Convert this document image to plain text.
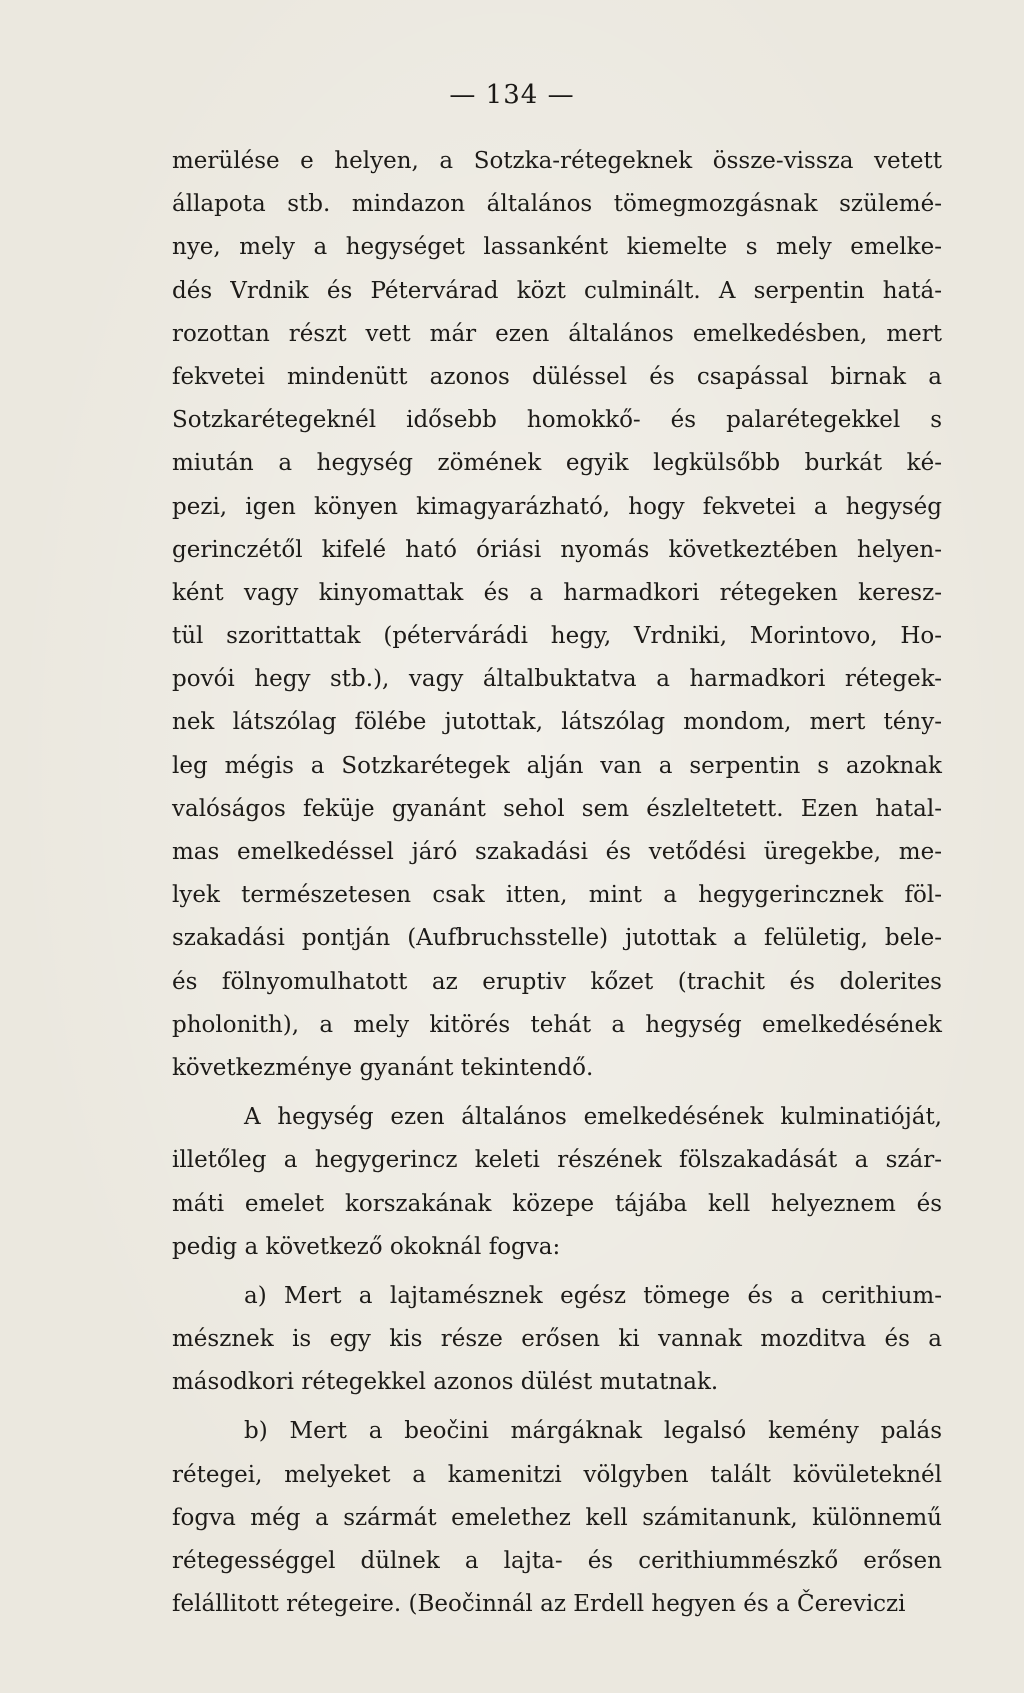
— 134 —
merülése e helyen, a Sotzka-rétegeknek össze-vissza vetett
állapota stb. mindazon általános tömegmozgásnak szülemé-
nye, mely a hegységet lassanként kiemelte s mely emelke-
dés Vrdnik és Pétervárad közt culminált. A serpentin hatá-
rozottan részt vett már ezen általános emelkedésben, mert
fekvetei mindenütt azonos düléssel és csapással birnak a
Sotzkarétegeknél idősebb homokkő- és palarétegekkel s
miután a hegység zömének egyik legkülsőbb burkát ké-
pezi, igen könyen kimagyarázható, hogy fekvetei a hegység
gerinczétől kifelé ható óriási nyomás következtében helyen-
ként vagy kinyomattak és a harmadkori rétegeken keresz-
tül szorittattak (pétervárádi hegy, Vrdniki, Morintovo, Ho-
povói hegy stb.), vagy általbuktatva a harmadkori rétegek-
nek látszólag fölébe jutottak, látszólag mondom, mert tény-
leg mégis a Sotzkarétegek alján van a serpentin s azoknak
valóságos feküje gyanánt sehol sem észleltetett. Ezen hatal-
mas emelkedéssel járó szakadási és vetődési üregekbe, me-
lyek természetesen csak itten, mint a hegygerincznek föl-
szakadási pontján (Aufbruchsstelle) jutottak a felületig, bele-
és fölnyomulhatott az eruptiv kőzet (trachit és dolerites
pholonith), a mely kitörés tehát a hegység emelkedésének
következménye gyanánt tekintendő.
A hegység ezen általános emelkedésének kulminatióját,
illetőleg a hegygerincz keleti részének fölszakadását a szár-
máti emelet korszakának közepe tájába kell helyeznem és
pedig a következő okoknál fogva:
a) Mert a lajtamésznek egész tömege és a cerithium-
mésznek is egy kis része erősen ki vannak mozditva és a
másodkori rétegekkel azonos dülést mutatnak.
b) Mert a beočini márgáknak legalsó kemény palás
rétegei, melyeket a kamenitzi völgyben talált kövületeknél
fogva még a szármát emelethez kell számitanunk, különnemű
rétegességgel dülnek a lajta- és cerithiummészkő erősen
felállitott rétegeire. (Beočinnál az Erdell hegyen és a Čereviczi
